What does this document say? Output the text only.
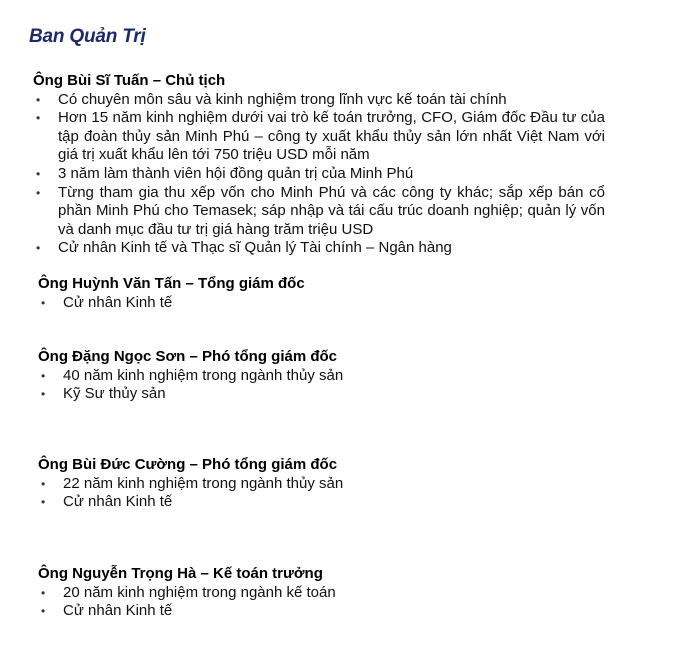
Ban Quản Trị
Ông Bùi Sĩ Tuấn – Chủ tịch
•	Có chuyên môn sâu và kinh nghiệm trong lĩnh vực kế toán tài chính
•	Hơn 15 năm kinh nghiệm dưới vai trò kế toán trưởng, CFO, Giám đốc Đầu tư của tập đoàn thủy sản Minh Phú – công ty xuất khẩu thủy sản lớn nhất Việt Nam với giá trị xuất khẩu lên tới 750 triệu USD mỗi năm
•	3 năm làm thành viên hội đồng quản trị của Minh Phú
•	Từng tham gia thu xếp vốn cho Minh Phú và các công ty khác; sắp xếp bán cổ phần Minh Phú cho Temasek; sáp nhập và tái cấu trúc doanh nghiệp; quản lý vốn và danh mục đầu tư trị giá hàng trăm triệu USD
•	Cử nhân Kinh tế và Thạc sĩ Quản lý Tài chính – Ngân hàng
Ông Huỳnh Văn Tấn – Tổng giám đốc
•	Cử nhân Kinh tế
Ông Đặng Ngọc Sơn – Phó tổng giám đốc
•	40 năm kinh nghiệm trong ngành thủy sản
•	Kỹ Sư thủy sản
Ông Bùi Đức Cường – Phó tổng giám đốc
•	22 năm kinh nghiệm trong ngành thủy sản
•	Cử nhân Kinh tế
Ông Nguyễn Trọng Hà – Kế toán trưởng
•	20 năm kinh nghiệm trong ngành kế toán
•	Cử nhân Kinh tế
